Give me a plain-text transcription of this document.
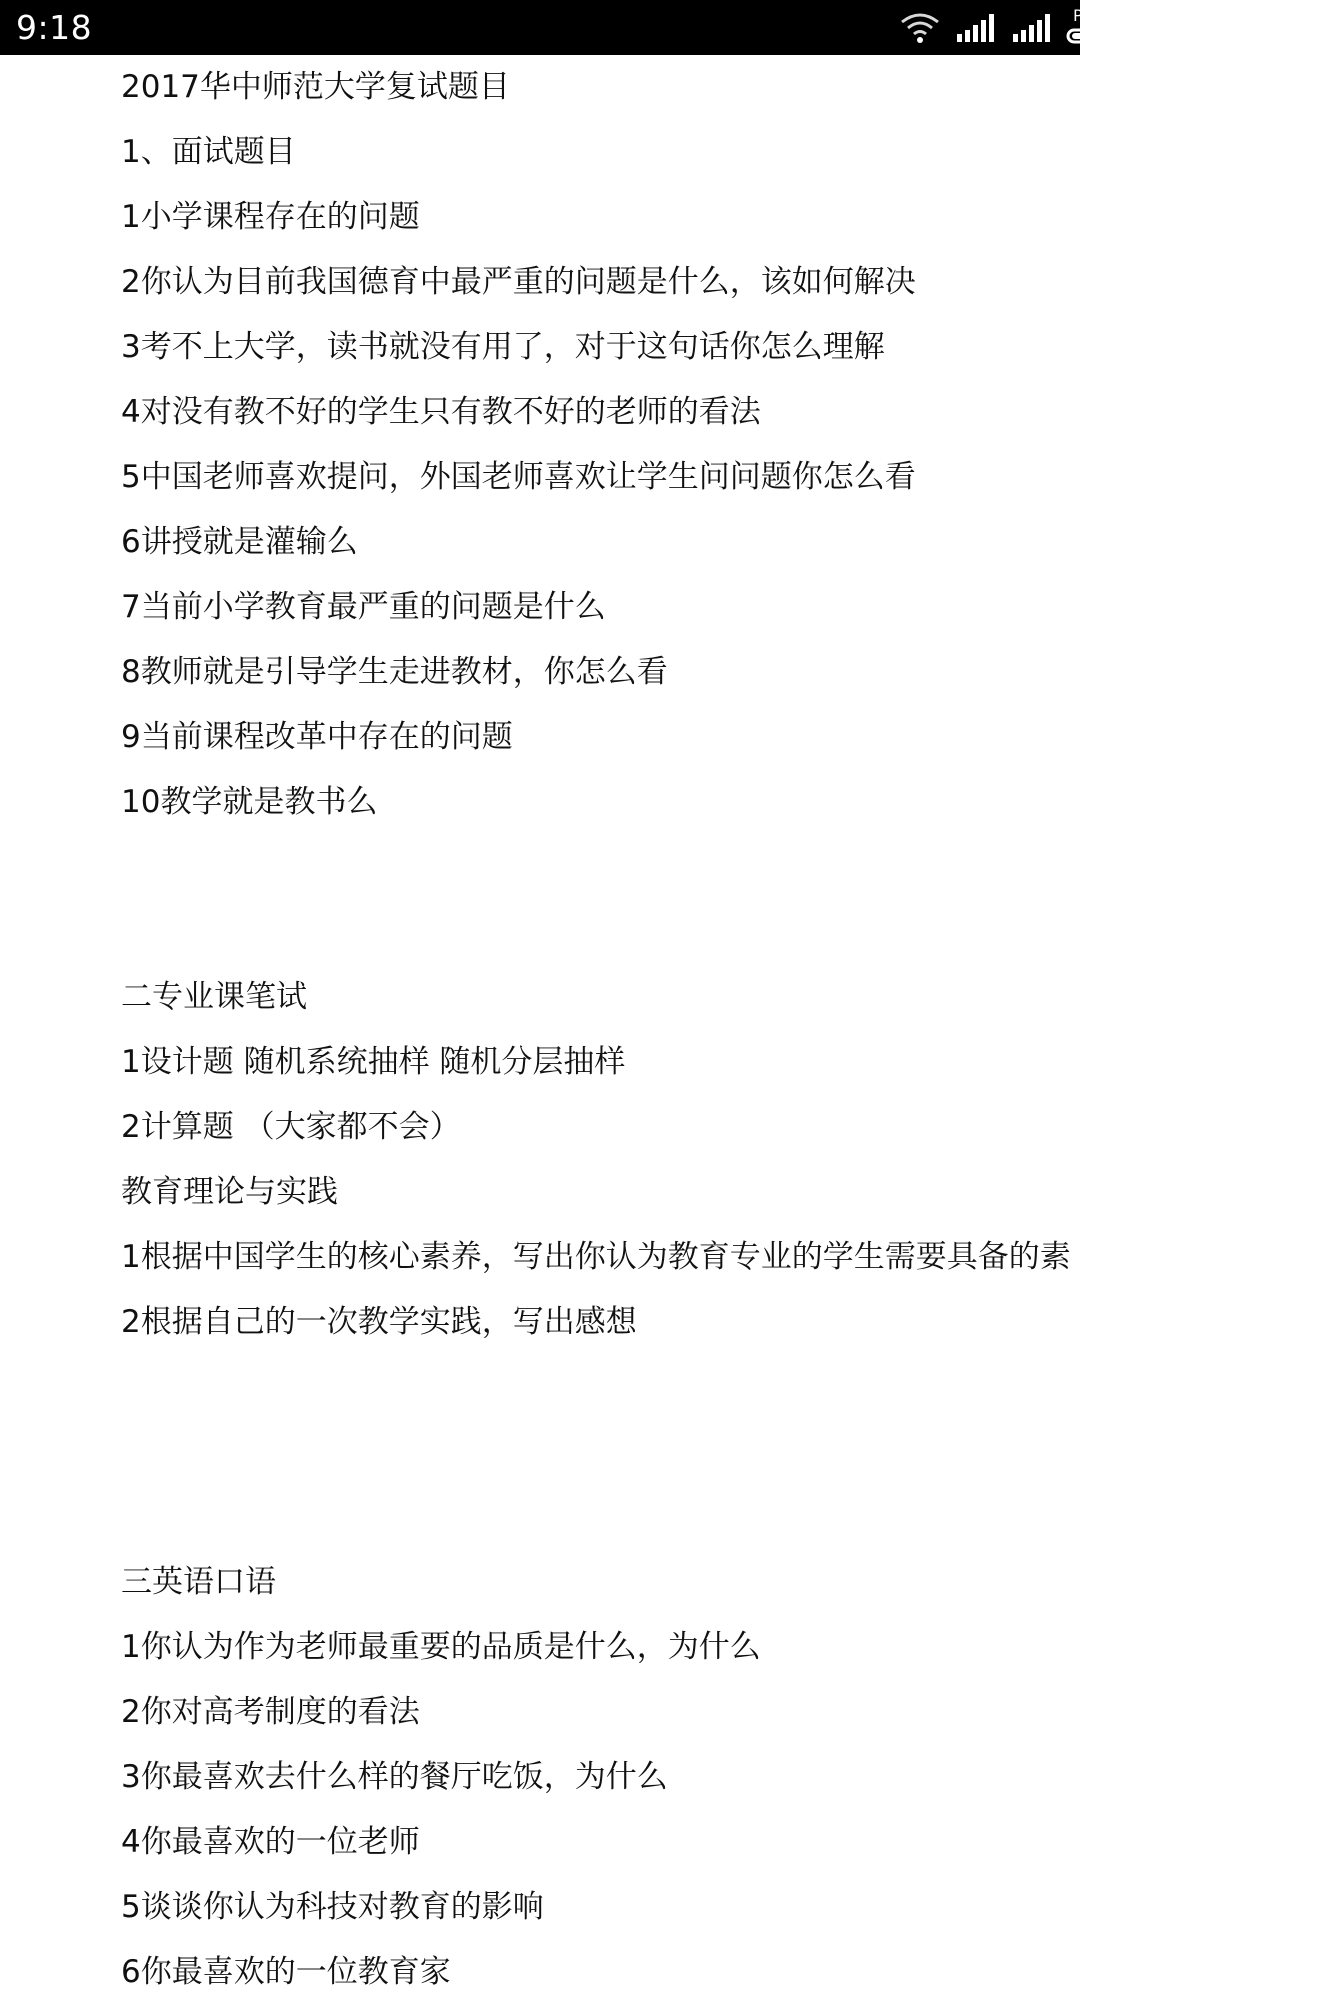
9:18	POWE
2017华中师范大学复试题目
1、面试题目
1小学课程存在的问题
2你认为目前我国德育中最严重的问题是什么，该如何解决
3考不上大学，读书就没有用了，对于这句话你怎么理解
4对没有教不好的学生只有教不好的老师的看法
5中国老师喜欢提问，外国老师喜欢让学生问问题你怎么看
6讲授就是灌输么
7当前小学教育最严重的问题是什么
8教师就是引导学生走进教材，你怎么看
9当前课程改革中存在的问题
10教学就是教书么
二专业课笔试
1设计题 随机系统抽样 随机分层抽样
2计算题 （大家都不会）
教育理论与实践
1根据中国学生的核心素养，写出你认为教育专业的学生需要具备的素
2根据自己的一次教学实践，写出感想
三英语口语
1你认为作为老师最重要的品质是什么，为什么
2你对高考制度的看法
3你最喜欢去什么样的餐厅吃饭，为什么
4你最喜欢的一位老师
5谈谈你认为科技对教育的影响
6你最喜欢的一位教育家
